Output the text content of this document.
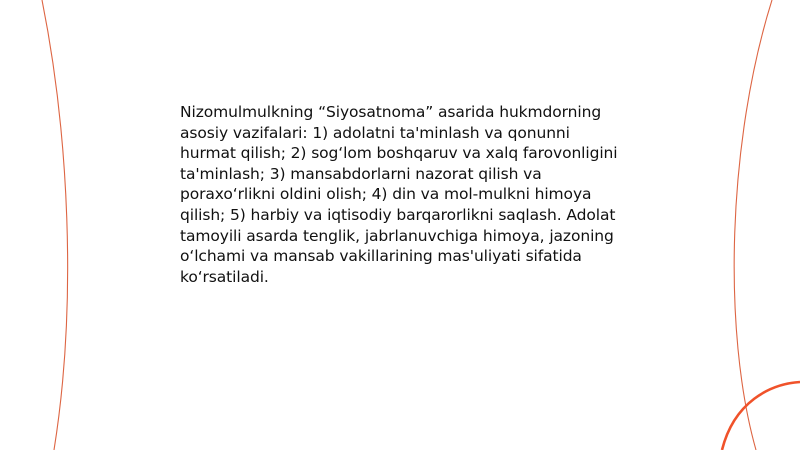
Nizomulmulkning “Siyosatnoma” asarida hukmdorning asosiy vazifalari: 1) adolatni ta'minlash va qonunni hurmat qilish; 2) sog‘lom boshqaruv va xalq farovonligini ta'minlash; 3) mansabdorlarni nazorat qilish va poraxo‘rlikni oldini olish; 4) din va mol-mulkni himoya qilish; 5) harbiy va iqtisodiy barqarorlikni saqlash. Adolat tamoyili asarda tenglik, jabrlanuvchiga himoya, jazoning o‘lchami va mansab vakillarining mas'uliyati sifatida ko‘rsatiladi.
